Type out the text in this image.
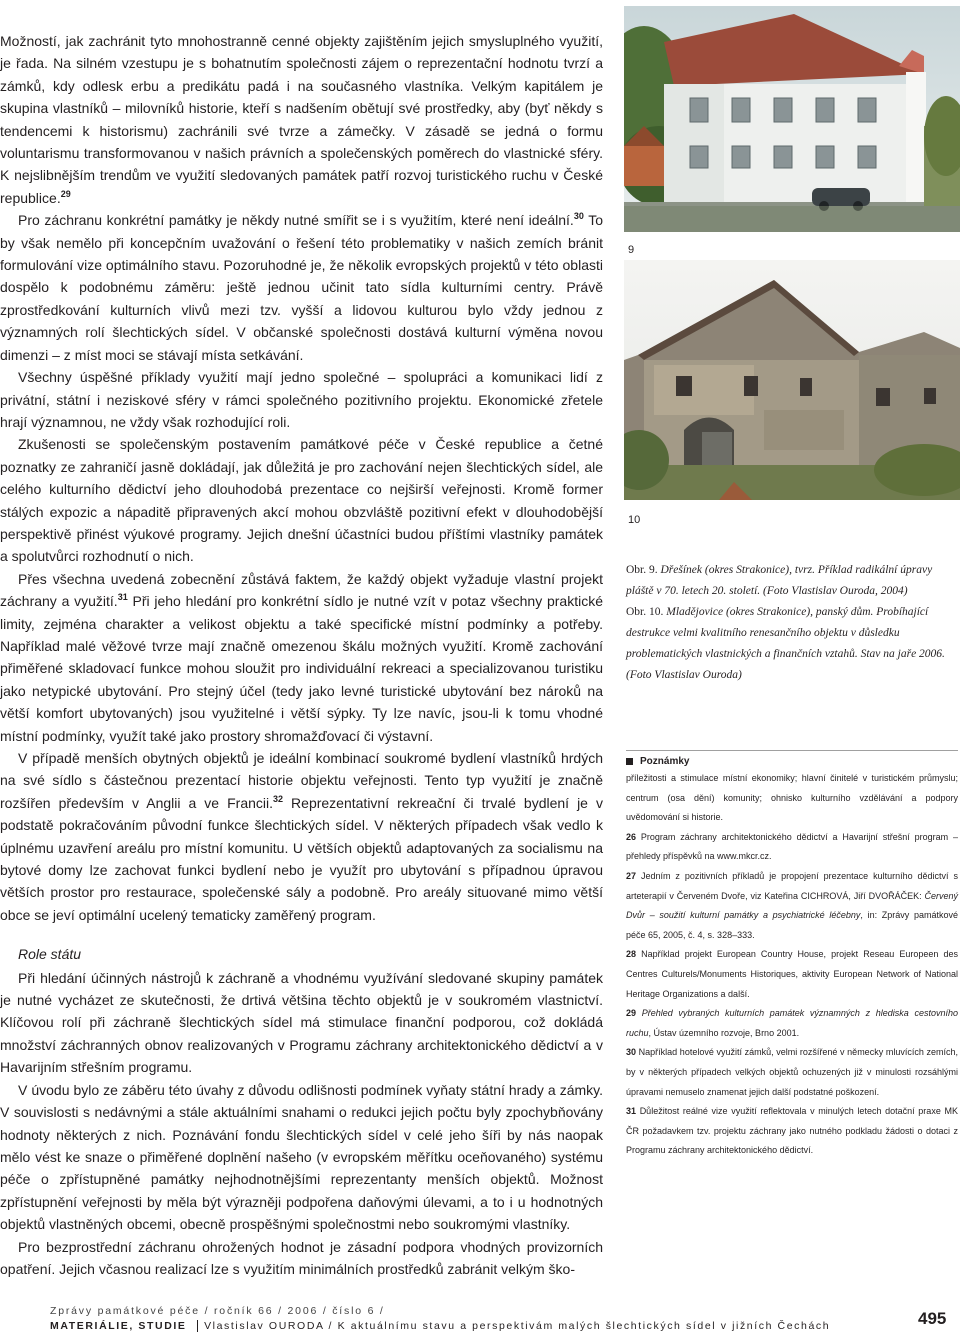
Možností, jak zachránit tyto mnohostranně cenné objekty zajištěním jejich smysluplného využití, je řada. Na silném vzestupu je s bohatnutím společnosti zájem o reprezentační hodnotu tvrzí a zámků, kdy odlesk erbu a predikátu padá i na současného vlastníka. Velkým kapitálem je skupina vlastníků – milovníků historie, kteří s nadšením obětují své prostředky, aby (byť někdy s tendencemi k historismu) zachránili své tvrze a zámečky. V zásadě se jedná o formu voluntarismu transformovanou v našich právních a společenských poměrech do vlastnické sféry. K nejslibnějším trendům ve využití sledovaných památek patří rozvoj turistického ruchu v České republice.$^{29}$

Pro záchranu konkrétní památky je někdy nutné smířit se i s využitím, které není ideální.$^{30}$ To by však nemělo při koncepčním uvažování o řešení této problematiky v našich zemích bránit formulování vize optimálního stavu. Pozoruhodné je, že několik evropských projektů v této oblasti dospělo k podobnému záměru: ještě jednou učinit tato sídla kulturními centry. Právě zprostředkování kulturních vlivů mezi tzv. vyšší a lidovou kulturou bylo vždy jednou z významných rolí šlechtických sídel. V občanské společnosti dostává kulturní výměna novou dimenzi – z míst moci se stávají místa setkávání.

Všechny úspěšné příklady využití mají jedno společné – spolupráci a komunikaci lidí z privátní, státní i neziskové sféry v rámci společného pozitivního projektu. Ekonomické zřetele hrají významnou, ne vždy však rozhodující roli.

Zkušenosti se společenským postavením památkové péče v České republice a četné poznatky ze zahraničí jasně dokládají, jak důležitá je pro zachování nejen šlechtických sídel, ale celého kulturního dědictví jeho dlouhodobá prezentace co nejširší veřejnosti. Kromě former stálých expozic a nápaditě připravených akcí mohou obzvláště pozitivní efekt v dlouhodobější perspektivě přinést výukové programy. Jejich dnešní účastníci budou příštími vlastníky památek a spolutvůrci rozhodnutí o nich.

Přes všechna uvedená zobecnění zůstává faktem, že každý objekt vyžaduje vlastní projekt záchrany a využití.$^{31}$ Při jeho hledání pro konkrétní sídlo je nutné vzít v potaz všechny praktické limity, zejména charakter a velikost objektu a také specifické místní podmínky a potřeby. Například malé věžové tvrze mají značně omezenou škálu možných využití. Kromě zachování přiměřené skladovací funkce mohou sloužit pro individuální rekreaci a specializovanou turistiku jako netypické ubytování. Pro stejný účel (tedy jako levné turistické ubytování bez nároků na větší komfort ubytovaných) jsou využitelné i větší sýpky. Ty lze navíc, jsou-li k tomu vhodné místní podmínky, využít také jako prostory shromažďovací či výstavní.

V případě menších obytných objektů je ideální kombinací soukromé bydlení vlastníků hrdých na své sídlo s částečnou prezentací historie objektu veřejnosti. Tento typ využití je značně rozšířen především v Anglii a ve Francii.$^{32}$ Reprezentativní rekreační či trvalé bydlení je v podstatě pokračováním původní funkce šlechtických sídel. V některých případech však vedlo k úplnému uzavření areálu pro místní komunitu. U větších objektů adaptovaných za socialismu na bytové domy lze zachovat funkci bydlení nebo je využít pro ubytování s případnou úpravou větších prostor pro restaurace, společenské sály a podobně. Pro areály situované mimo větší obce se jeví optimální ucelený tematicky zaměřený program.

Role státu

Při hledání účinných nástrojů k záchraně a vhodnému využívání sledované skupiny památek je nutné vycházet ze skutečnosti, že drtivá většina těchto objektů je v soukromém vlastnictví. Klíčovou rolí při záchraně šlechtických sídel má stimulace finanční podporou, což dokládá množství záchranných obnov realizovaných v Programu záchrany architektonického dědictví a v Havarijním střešním programu.

V úvodu bylo ze záběru této úvahy z důvodu odlišnosti podmínek vyňaty státní hrady a zámky. V souvislosti s nedávnými a stále aktuálními snahami o redukci jejich počtu byly zpochybňovány hodnoty některých z nich. Poznávání fondu šlechtických sídel v celé jeho šíři by nás naopak mělo vést ke snaze o přiměřené doplnění našeho (v evropském měřítku oceňovaného) systému péče o zpřístupněné památky nejhodnotnějšími reprezentanty menších objektů. Možnost zpřístupnění veřejnosti by měla být výrazněji podpořena daňovými úlevami, a to i u hodnotných objektů vlastněných obcemi, obecně prospěšnými společnostmi nebo soukromými vlastníky.

Pro bezprostřední záchranu ohrožených hodnot je zásadní podpora vhodných provizorních opatření. Jejich včasnou realizací lze s využitím minimálních prostředků zabránit velkým ško-

9
10

Obr. 9. Dřešínek (okres Strakonice), tvrz. Příklad radikální úpravy pláště v 70. letech 20. století. (Foto Vlastislav Ouroda, 2004)

Obr. 10. Mladějovice (okres Strakonice), panský dům. Probíhající destrukce velmi kvalitního renesančního objektu v důsledku problematických vlastnických a finančních vztahů. Stav na jaře 2006. (Foto Vlastislav Ouroda)

Poznámky

příležitosti a stimulace místní ekonomiky; hlavní činitelé v turistickém průmyslu; centrum (osa dění) komunity; ohnisko kulturního vzdělávání a podpory uvědomování si historie.

26 Program záchrany architektonického dědictví a Havarijní střešní program – přehledy příspěvků na www.mkcr.cz.

27 Jedním z pozitivních příkladů je propojení prezentace kulturního dědictví s arteterapií v Červeném Dvoře, viz Kateřina CICHROVÁ, Jiří DVOŘÁČEK: Červený Dvůr – soužití kulturní památky a psychiatrické léčebny, in: Zprávy památkové péče 65, 2005, č. 4, s. 328–333.

28 Například projekt European Country House, projekt Reseau Europeen des Centres Culturels/Monuments Historiques, aktivity European Network of National Heritage Organizations a další.

29 Přehled vybraných kulturních památek významných z hlediska cestovního ruchu, Ústav územního rozvoje, Brno 2001.

30 Například hotelové využití zámků, velmi rozšířené v německy mluvících zemích, by v některých případech velkých objektů ochuzených již v minulosti rozsáhlými úpravami nemuselo znamenat jejich další podstatné poškození.

31 Důležitost reálné vize využití reflektovala v minulých letech dotační praxe MK ČR požadavkem tzv. projektu záchrany jako nutného podkladu žádosti o dotaci z Programu záchrany architektonického dědictví.

Zprávy památkové péče / ročník 66 / 2006 / číslo 6 /
MATERIÁLIE, STUDIE Vlastislav OURODA / K aktuálnímu stavu a perspektivám malých šlechtických sídel v jižních Čechách	495
